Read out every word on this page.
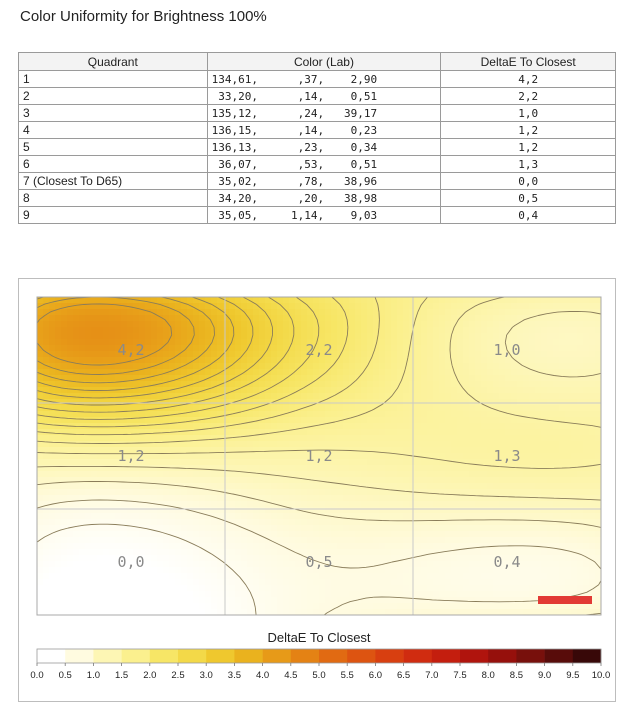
Color Uniformity for Brightness 100%
Quadrant	Color (Lab)	DeltaE To Closest
1	134,61,      ,37,    2,90	4,2
2	33,20,      ,14,    0,51	2,2
3	135,12,      ,24,   39,17	1,0
4	136,15,      ,14,    0,23	1,2
5	136,13,      ,23,    0,34	1,2
6	36,07,      ,53,    0,51	1,3
7 (Closest To D65)	35,02,      ,78,   38,96	0,0
8	34,20,      ,20,   38,98	0,5
9	35,05,     1,14,    9,03	0,4
4,2	2,2	1,0
1,2	1,2	1,3
0,0	0,5	0,4
DeltaE To Closest
0.0 0.5 1.0 1.5 2.0 2.5 3.0 3.5 4.0 4.5 5.0 5.5 6.0 6.5 7.0 7.5 8.0 8.5 9.0 9.5 10.0
